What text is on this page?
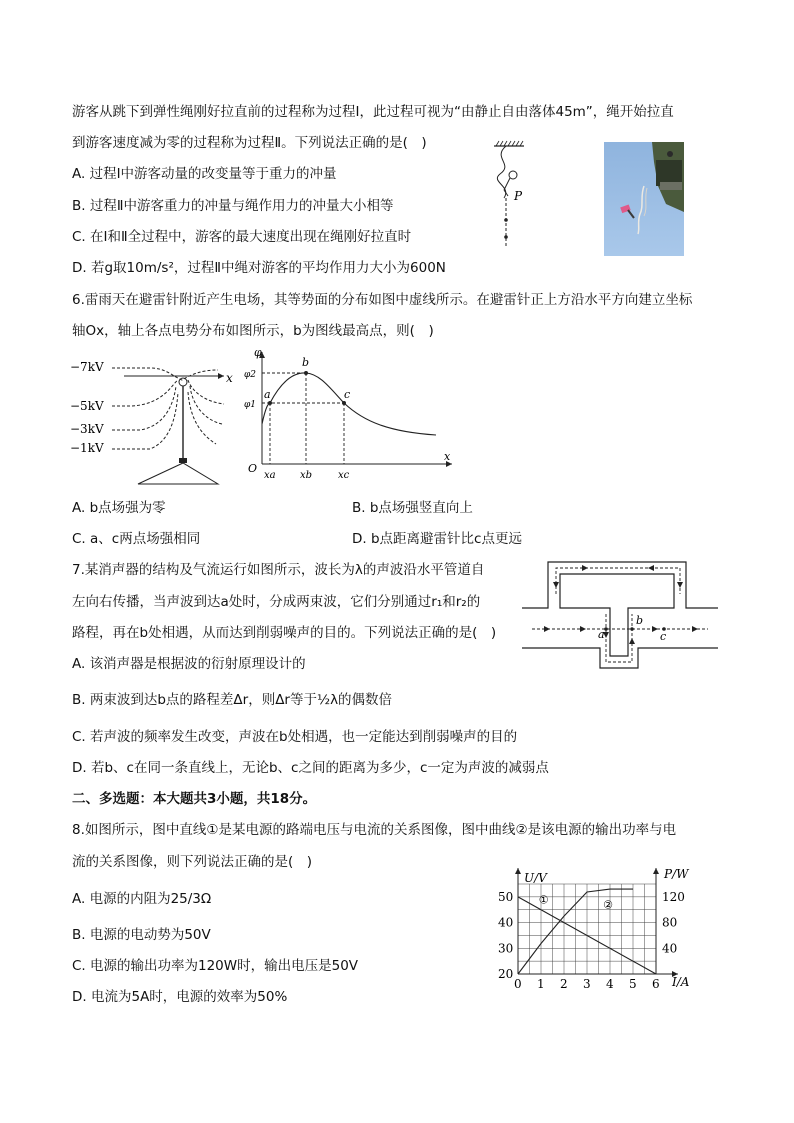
游客从跳下到弹性绳刚好拉直前的过程称为过程Ⅰ，此过程可视为“由静止自由落体45m”，绳开始拉直
到游客速度减为零的过程称为过程Ⅱ。下列说法正确的是(　)
A. 过程Ⅰ中游客动量的改变量等于重力的冲量
B. 过程Ⅱ中游客重力的冲量与绳作用力的冲量大小相等
C. 在Ⅰ和Ⅱ全过程中，游客的最大速度出现在绳刚好拉直时
D. 若g取10m/s²，过程Ⅱ中绳对游客的平均作用力大小为600N
P
6.雷雨天在避雷针附近产生电场，其等势面的分布如图中虚线所示。在避雷针正上方沿水平方向建立坐标
轴Ox，轴上各点电势分布如图所示，b为图线最高点，则(　)
−7kV
−5kV
−3kV
−1kV
x
φ
x
O
φ2
φ1
a
b
c
xa xb	xc
A. b点场强为零	B. b点场强竖直向上
C. a、c两点场强相同	D. b点距离避雷针比c点更远
7.某消声器的结构及气流运行如图所示，波长为λ的声波沿水平管道自
左向右传播，当声波到达a处时，分成两束波，它们分别通过r₁和r₂的
路程，再在b处相遇，从而达到削弱噪声的目的。下列说法正确的是(　)	a
b
c
A. 该消声器是根据波的衍射原理设计的
B. 两束波到达b点的路程差Δr，则Δr等于½λ的偶数倍
C. 若声波的频率发生改变，声波在b处相遇，也一定能达到削弱噪声的目的
D. 若b、c在同一条直线上，无论b、c之间的距离为多少，c一定为声波的减弱点
二、多选题：本大题共3小题，共18分。
8.如图所示，图中直线①是某电源的路端电压与电流的关系图像，图中曲线②是该电源的输出功率与电
流的关系图像，则下列说法正确的是(　)
A. 电源的内阻为25/3Ω
B. 电源的电动势为50V
C. 电源的输出功率为120W时，输出电压是50V
D. 电流为5A时，电源的效率为50%
0 1 2 3 4 5 6
20
30
40
50
40
80
120
U/V	P/W
I/A
①	②
